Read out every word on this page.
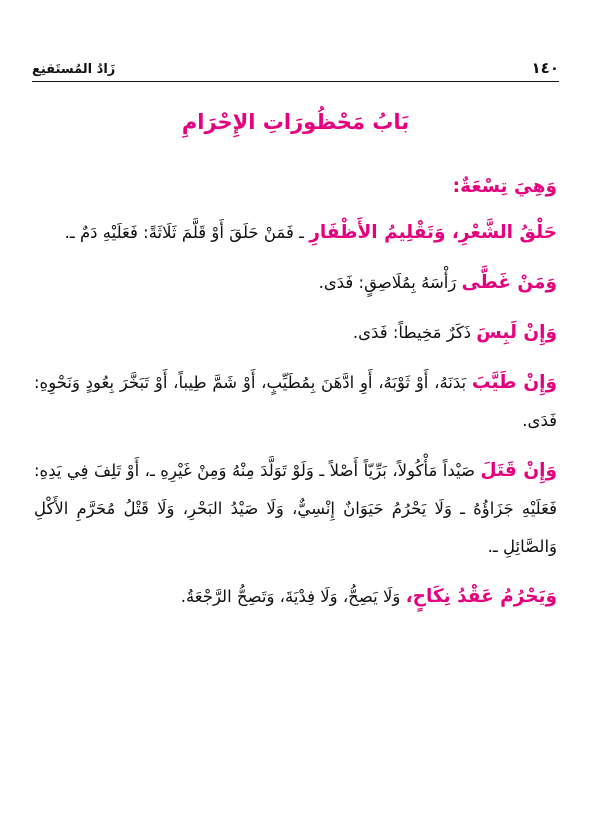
١٤٠
زَادُ المُستَقنِع
بَابُ مَحْظُورَاتِ الإِحْرَامِ

وَهِيَ تِسْعَةٌ:

حَلْقُ الشَّعْرِ، وَتَقْلِيمُ الأَظْفَارِ ـ فَمَنْ حَلَقَ أَوْ قَلَّمَ ثَلَاثَةً: فَعَلَيْهِ دَمٌ ـ.

وَمَنْ غَطَّى رَأْسَهُ بِمُلَاصِقٍ: فَدَى.

وَإِنْ لَبِسَ ذَكَرٌ مَخِيطاً: فَدَى.

وَإِنْ طَيَّبَ بَدَنَهُ، أَوْ ثَوْبَهُ، أَوِ ادَّهَنَ بِمُطَيِّبٍ، أَوْ شَمَّ طِيباً، أَوْ تَبَخَّرَ بِعُودٍ وَنَحْوِهِ: فَدَى.

وَإِنْ قَتَلَ صَيْداً مَأْكُولاً، بَرِّيّاً أَصْلاً ـ وَلَوْ تَوَلَّدَ مِنْهُ وَمِنْ غَيْرِهِ ـ، أَوْ تَلِفَ فِي يَدِهِ: فَعَلَيْهِ جَزَاؤُهُ ـ وَلَا يَحْرُمُ حَيَوَانٌ إِنْسِيٌّ، وَلَا صَيْدُ البَحْرِ، وَلَا قَتْلُ مُحَرَّمِ الأَكْلِ وَالصَّائِلِ ـ.

وَيَحْرُمُ عَقْدُ نِكَاحٍ، وَلَا يَصِحُّ، وَلَا فِدْيَةَ، وَتَصِحُّ الرَّجْعَةُ.
